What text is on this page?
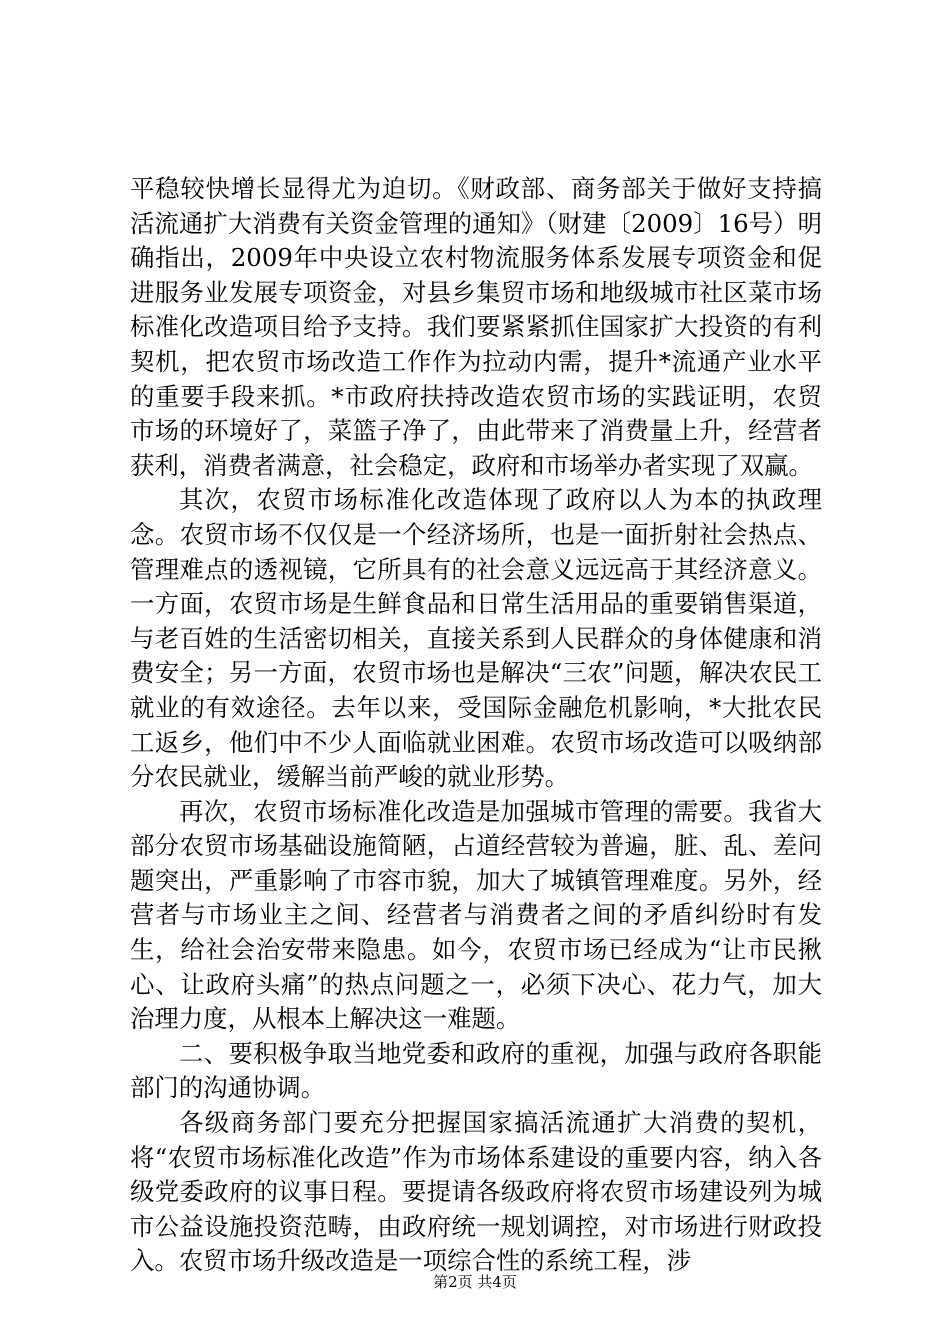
平稳较快增长显得尤为迫切。《财政部、商务部关于做好支持搞活流通扩大消费有关资金管理的通知》（财建〔2009〕16号）明确指出，2009年中央设立农村物流服务体系发展专项资金和促进服务业发展专项资金，对县乡集贸市场和地级城市社区菜市场标准化改造项目给予支持。我们要紧紧抓住国家扩大投资的有利契机，把农贸市场改造工作作为拉动内需，提升*流通产业水平的重要手段来抓。*市政府扶持改造农贸市场的实践证明，农贸市场的环境好了，菜篮子净了，由此带来了消费量上升，经营者获利，消费者满意，社会稳定，政府和市场举办者实现了双赢。

其次，农贸市场标准化改造体现了政府以人为本的执政理念。农贸市场不仅仅是一个经济场所，也是一面折射社会热点、管理难点的透视镜，它所具有的社会意义远远高于其经济意义。一方面，农贸市场是生鲜食品和日常生活用品的重要销售渠道，与老百姓的生活密切相关，直接关系到人民群众的身体健康和消费安全；另一方面，农贸市场也是解决“三农”问题，解决农民工就业的有效途径。去年以来，受国际金融危机影响，*大批农民工返乡，他们中不少人面临就业困难。农贸市场改造可以吸纳部分农民就业，缓解当前严峻的就业形势。

再次，农贸市场标准化改造是加强城市管理的需要。我省大部分农贸市场基础设施简陋，占道经营较为普遍，脏、乱、差问题突出，严重影响了市容市貌，加大了城镇管理难度。另外，经营者与市场业主之间、经营者与消费者之间的矛盾纠纷时有发生，给社会治安带来隐患。如今，农贸市场已经成为“让市民揪心、让政府头痛”的热点问题之一，必须下决心、花力气，加大治理力度，从根本上解决这一难题。

二、要积极争取当地党委和政府的重视，加强与政府各职能部门的沟通协调。

各级商务部门要充分把握国家搞活流通扩大消费的契机，将“农贸市场标准化改造”作为市场体系建设的重要内容，纳入各级党委政府的议事日程。要提请各级政府将农贸市场建设列为城市公益设施投资范畴，由政府统一规划调控，对市场进行财政投入。农贸市场升级改造是一项综合性的系统工程，涉

第2页 共4页
